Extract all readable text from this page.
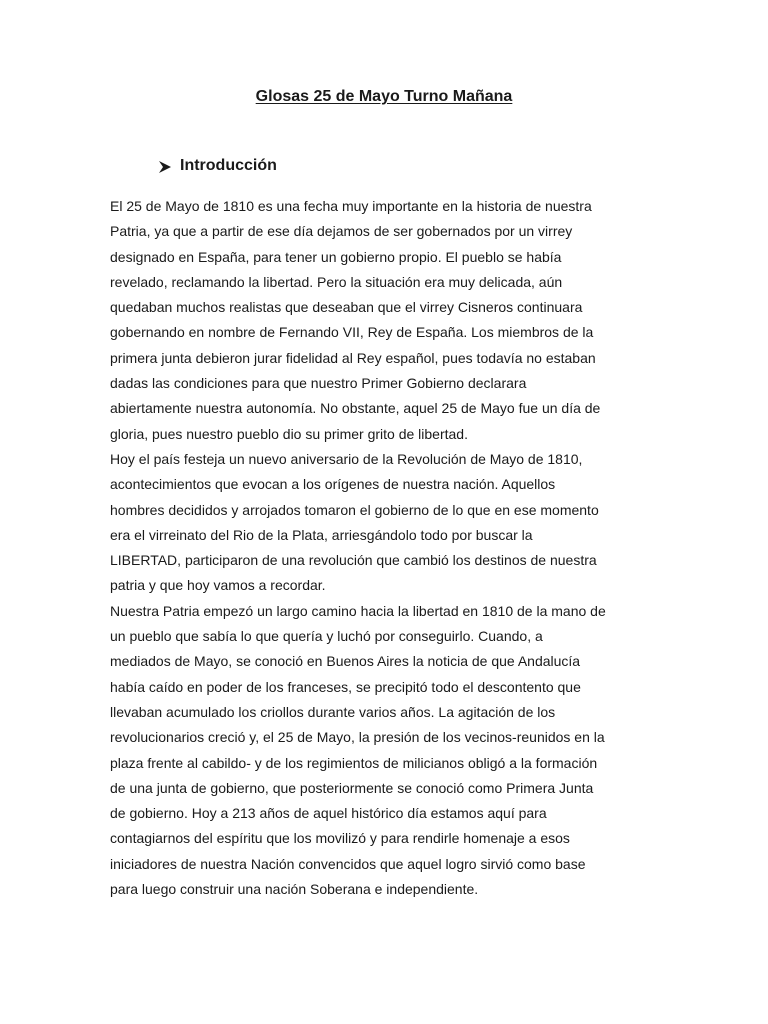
Glosas 25 de Mayo Turno Mañana
Introducción
El 25 de Mayo de 1810 es una fecha muy importante en la historia de nuestra
Patria, ya que a partir de ese día dejamos de ser gobernados por un virrey
designado en España, para tener un gobierno propio. El pueblo se había
revelado, reclamando la libertad. Pero la situación era muy delicada, aún
quedaban muchos realistas que deseaban que el virrey Cisneros continuara
gobernando en nombre de Fernando VII, Rey de España. Los miembros de la
primera junta debieron jurar fidelidad al Rey español, pues todavía no estaban
dadas las condiciones para que nuestro Primer Gobierno declarara
abiertamente nuestra autonomía. No obstante, aquel 25 de Mayo fue un día de
gloria, pues nuestro pueblo dio su primer grito de libertad.
Hoy el país festeja un nuevo aniversario de la Revolución de Mayo de 1810,
acontecimientos que evocan a los orígenes de nuestra nación. Aquellos
hombres decididos y arrojados tomaron el gobierno de lo que en ese momento
era el virreinato del Rio de la Plata, arriesgándolo todo por buscar la
LIBERTAD, participaron de una revolución que cambió los destinos de nuestra
patria y que hoy vamos a recordar.
Nuestra Patria empezó un largo camino hacia la libertad en 1810 de la mano de
un pueblo que sabía lo que quería y luchó por conseguirlo. Cuando, a
mediados de Mayo, se conoció en Buenos Aires la noticia de que Andalucía
había caído en poder de los franceses, se precipitó todo el descontento que
llevaban acumulado los criollos durante varios años. La agitación de los
revolucionarios creció y, el 25 de Mayo, la presión de los vecinos-reunidos en la
plaza frente al cabildo- y de los regimientos de milicianos obligó a la formación
de una junta de gobierno, que posteriormente se conoció como Primera Junta
de gobierno. Hoy a 213 años de aquel histórico día estamos aquí para
contagiarnos del espíritu que los movilizó y para rendirle homenaje a esos
iniciadores de nuestra Nación convencidos que aquel logro sirvió como base
para luego construir una nación Soberana e independiente.
